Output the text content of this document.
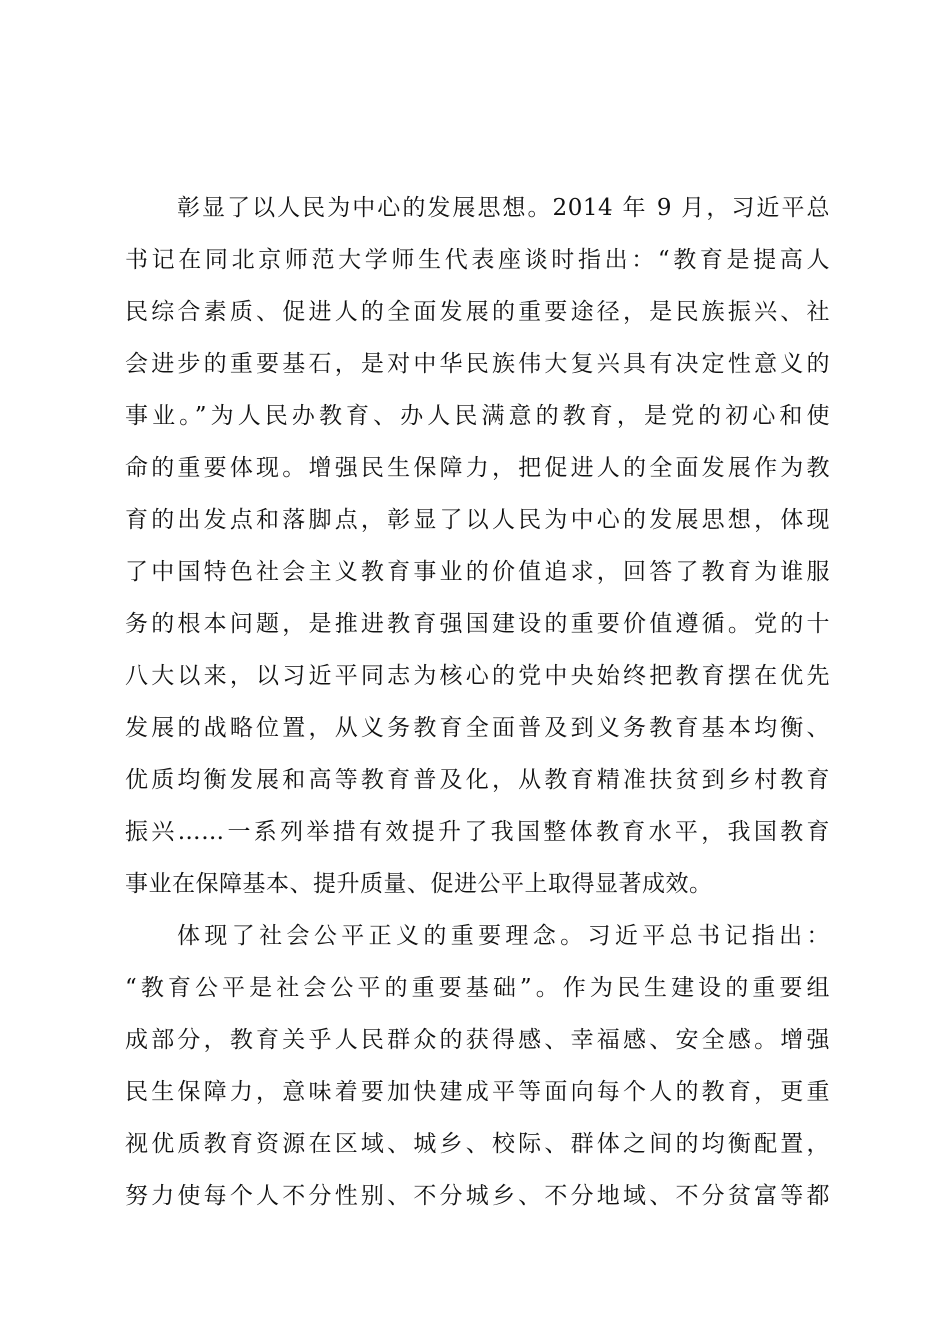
彰显了以人民为中心的发展思想。2014 年 9 月，习近平总
书记在同北京师范大学师生代表座谈时指出：“教育是提高人
民综合素质、促进人的全面发展的重要途径，是民族振兴、社
会进步的重要基石，是对中华民族伟大复兴具有决定性意义的
事业。”为人民办教育、办人民满意的教育，是党的初心和使
命的重要体现。增强民生保障力，把促进人的全面发展作为教
育的出发点和落脚点，彰显了以人民为中心的发展思想，体现
了中国特色社会主义教育事业的价值追求，回答了教育为谁服
务的根本问题，是推进教育强国建设的重要价值遵循。党的十
八大以来，以习近平同志为核心的党中央始终把教育摆在优先
发展的战略位置，从义务教育全面普及到义务教育基本均衡、
优质均衡发展和高等教育普及化，从教育精准扶贫到乡村教育
振兴……一系列举措有效提升了我国整体教育水平，我国教育
事业在保障基本、提升质量、促进公平上取得显著成效。
体现了社会公平正义的重要理念。习近平总书记指出：
“教育公平是社会公平的重要基础”。作为民生建设的重要组
成部分，教育关乎人民群众的获得感、幸福感、安全感。增强
民生保障力，意味着要加快建成平等面向每个人的教育，更重
视优质教育资源在区域、城乡、校际、群体之间的均衡配置，
努力使每个人不分性别、不分城乡、不分地域、不分贫富等都
